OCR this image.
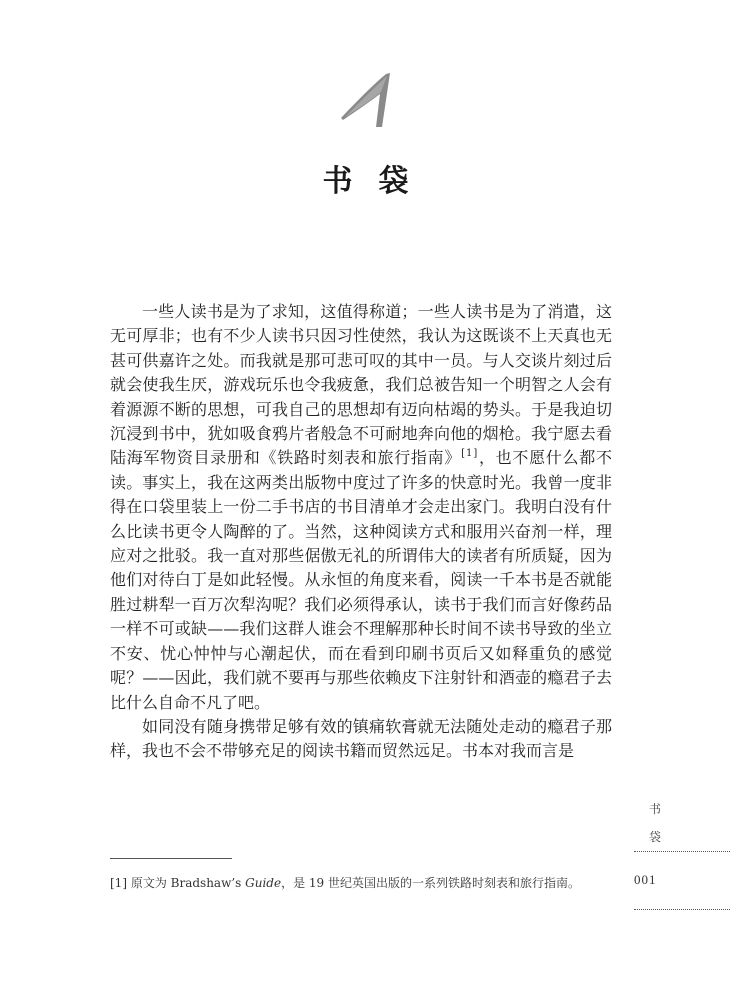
书袋

一些人读书是为了求知，这值得称道；一些人读书是为了消遣，这无可厚非；也有不少人读书只因习性使然，我认为这既谈不上天真也无甚可供嘉许之处。而我就是那可悲可叹的其中一员。与人交谈片刻过后就会使我生厌，游戏玩乐也令我疲惫，我们总被告知一个明智之人会有着源源不断的思想，可我自己的思想却有迈向枯竭的势头。于是我迫切沉浸到书中，犹如吸食鸦片者般急不可耐地奔向他的烟枪。我宁愿去看陆海军物资目录册和《铁路时刻表和旅行指南》[1]，也不愿什么都不读。事实上，我在这两类出版物中度过了许多的快意时光。我曾一度非得在口袋里装上一份二手书店的书目清单才会走出家门。我明白没有什么比读书更令人陶醉的了。当然，这种阅读方式和服用兴奋剂一样，理应对之批驳。我一直对那些倨傲无礼的所谓伟大的读者有所质疑，因为他们对待白丁是如此轻慢。从永恒的角度来看，阅读一千本书是否就能胜过耕犁一百万次犁沟呢？我们必须得承认，读书于我们而言好像药品一样不可或缺——我们这群人谁会不理解那种长时间不读书导致的坐立不安、忧心忡忡与心潮起伏，而在看到印刷书页后又如释重负的感觉呢？——因此，我们就不要再与那些依赖皮下注射针和酒壶的瘾君子去比什么自命不凡了吧。

如同没有随身携带足够有效的镇痛软膏就无法随处走动的瘾君子那样，我也不会不带够充足的阅读书籍而贸然远足。书本对我而言是

[1] 原文为 Bradshaw’s Guide，是 19 世纪英国出版的一系列铁路时刻表和旅行指南。
书
袋
001
